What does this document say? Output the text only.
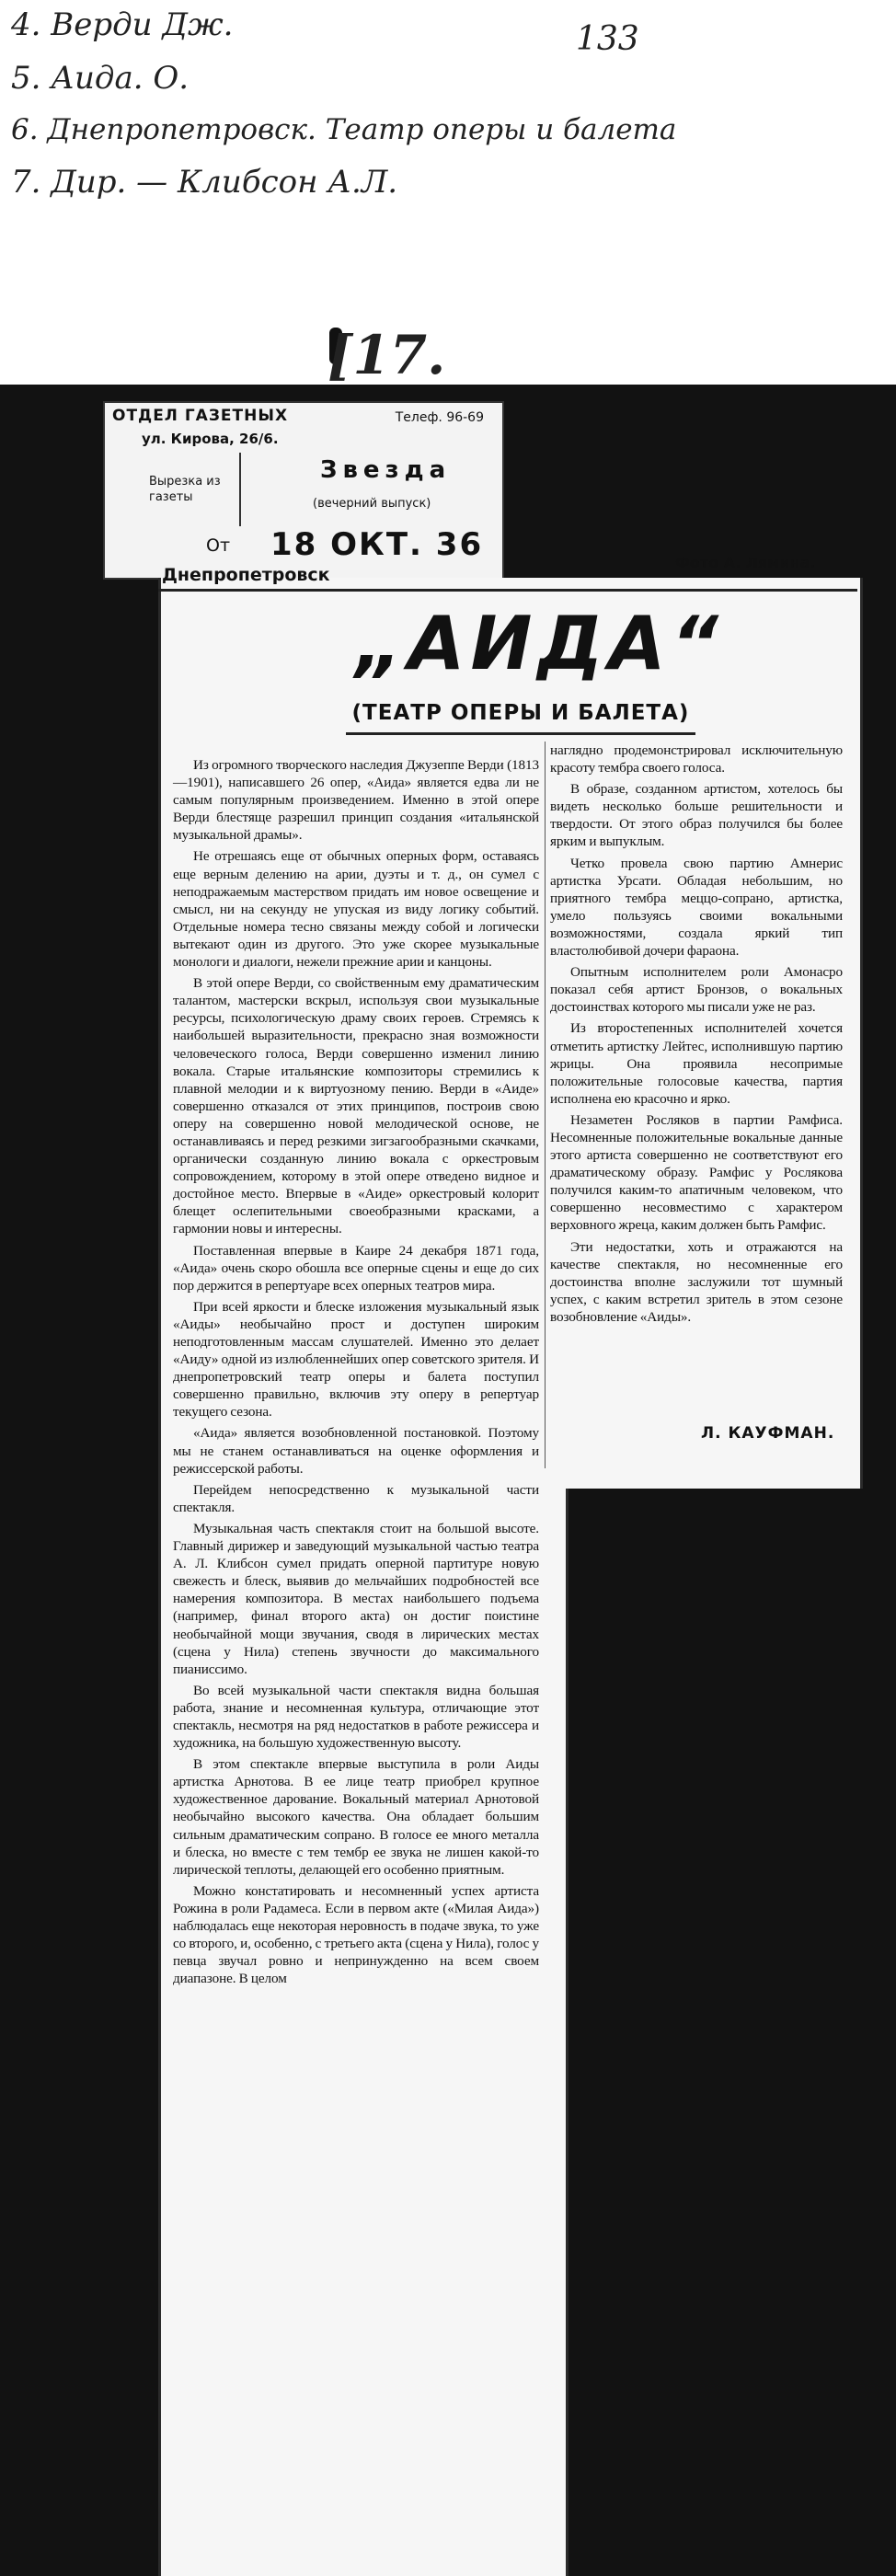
4. Верди Дж.
5. Аида. О.
6. Днепропетровск. Театр оперы и балета
7. Дир. — Клибсон А.Л.
133
ОТДЕЛ ГАЗЕТНЫХ	Телеф. 96-69
ул. Кирова, 26/6.
Вырезка из газеты
Звезда
(вечерний выпуск)
От 18 ОКТ. 36
Днепропетровск
Фото А. Лямина.
[17.
„АИДА“
(ТЕАТР ОПЕРЫ И БАЛЕТА)

Из огромного творческого наследия Джузеппе Верди (1813—1901), написавшего 26 опер, «Аида» является едва ли не самым популярным произведением. Именно в этой опере Верди блестяще разрешил принцип создания «итальянской музыкальной драмы».

Не отрешаясь еще от обычных оперных форм, оставаясь еще верным делению на арии, дуэты и т. д., он сумел с неподражаемым мастерством придать им новое освещение и смысл, ни на секунду не упуская из виду логику событий. Отдельные номера тесно связаны между собой и логически вытекают один из другого. Это уже скорее музыкальные монологи и диалоги, нежели прежние арии и канцоны.

В этой опере Верди, со свойственным ему драматическим талантом, мастерски вскрыл, используя свои музыкальные ресурсы, психологическую драму своих героев. Стремясь к наибольшей выразительности, прекрасно зная возможности человеческого голоса, Верди совершенно изменил линию вокала. Старые итальянские композиторы стремились к плавной мелодии и к виртуозному пению. Верди в «Аиде» совершенно отказался от этих принципов, построив свою оперу на совершенно новой мелодической основе, не останавливаясь и перед резкими зигзагообразными скачками, органически созданную линию вокала с оркестровым сопровождением, которому в этой опере отведено видное и достойное место. Впервые в «Аиде» оркестровый колорит блещет ослепительными своеобразными красками, а гармонии новы и интересны.

Поставленная впервые в Каире 24 декабря 1871 года, «Аида» очень скоро обошла все оперные сцены и еще до сих пор держится в репертуаре всех оперных театров мира.

При всей яркости и блеске изложения музыкальный язык «Аиды» необычайно прост и доступен широким неподготовленным массам слушателей. Именно это делает «Аиду» одной из излюбленнейших опер советского зрителя. И днепропетровский театр оперы и балета поступил совершенно правильно, включив эту оперу в репертуар текущего сезона.

«Аида» является возобновленной постановкой. Поэтому мы не станем останавливаться на оценке оформления и режиссерской работы.

Перейдем непосредственно к музыкальной части спектакля.

Музыкальная часть спектакля стоит на большой высоте. Главный дирижер и заведующий музыкальной частью театра А. Л. Клибсон сумел придать оперной партитуре новую свежесть и блеск, выявив до мельчайших подробностей все намерения композитора. В местах наибольшего подъема (например, финал второго акта) он достиг поистине необычайной мощи звучания, сводя в лирических местах (сцена у Нила) степень звучности до максимального пианиссимо.

Во всей музыкальной части спектакля видна большая работа, знание и несомненная культура, отличающие этот спектакль, несмотря на ряд недостатков в работе режиссера и художника, на большую художественную высоту.

В этом спектакле впервые выступила в роли Аиды артистка Арнотова. В ее лице театр приобрел крупное художественное дарование. Вокальный материал Арнотовой необычайно высокого качества. Она обладает большим сильным драматическим сопрано. В голосе ее много металла и блеска, но вместе с тем тембр ее звука не лишен какой-то лирической теплоты, делающей его особенно приятным.

Можно констатировать и несомненный успех артиста Рожина в роли Радамеса. Если в первом акте («Милая Аида») наблюдалась еще некоторая неровность в подаче звука, то уже со второго, и, особенно, с третьего акта (сцена у Нила), голос у певца звучал ровно и непринужденно на всем своем диапазоне. В целом

наглядно продемонстрировал исключительную красоту тембра своего голоса.

В образе, созданном артистом, хотелось бы видеть несколько больше решительности и твердости. От этого образ получился бы более ярким и выпуклым.

Четко провела свою партию Амнерис артистка Урсати. Обладая небольшим, но приятного тембра меццо-сопрано, артистка, умело пользуясь своими вокальными возможностями, создала яркий тип властолюбивой дочери фараона.

Опытным исполнителем роли Амонасро показал себя артист Бронзов, о вокальных достоинствах которого мы писали уже не раз.

Из второстепенных исполнителей хочется отметить артистку Лейтес, исполнившую партию жрицы. Она проявила несопримые положительные голосовые качества, партия исполнена ею красочно и ярко.

Незаметен Росляков в партии Рамфиса. Несомненные положительные вокальные данные этого артиста совершенно не соответствуют его драматическому образу. Рамфис у Рослякова получился каким-то апатичным человеком, что совершенно несовместимо с характером верховного жреца, каким должен быть Рамфис.

Эти недостатки, хоть и отражаются на качестве спектакля, но несомненные его достоинства вполне заслужили тот шумный успех, с каким встретил зритель в этом сезоне возобновление «Аиды».

Л. КАУФМАН.
